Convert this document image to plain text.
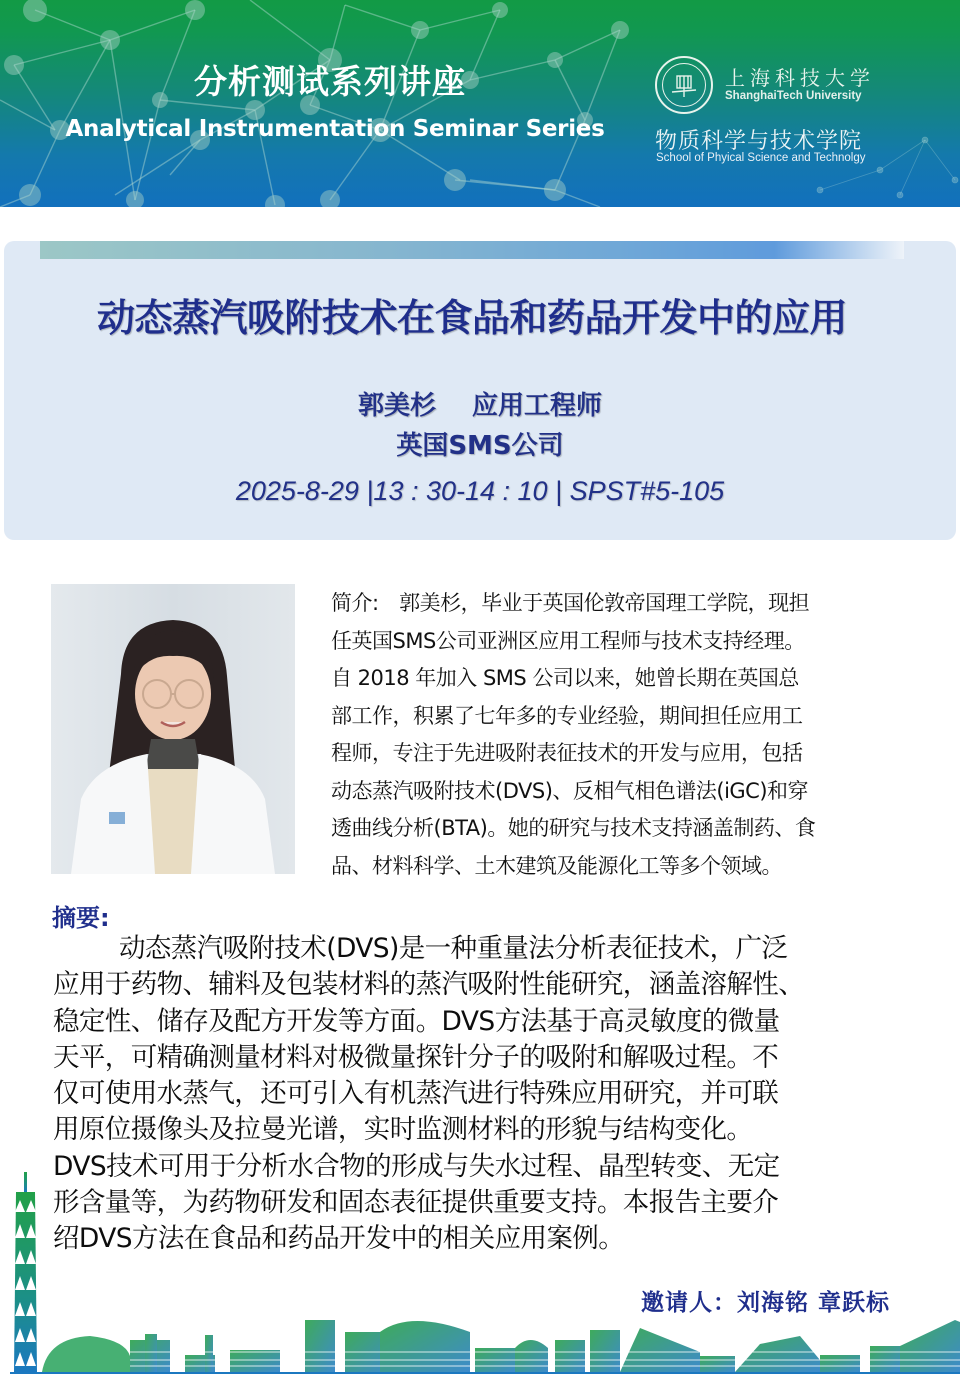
分析测试系列讲座
Analytical Instrumentation Seminar Series
上海科技大学
ShanghaiTech University
物质科学与技术学院
School of Phyical Science and Technolgy
动态蒸汽吸附技术在食品和药品开发中的应用
郭美杉 应用工程师
英国SMS公司
2025-8-29 |13 : 30-14 : 10 | SPST#5-105
简介:　郭美杉，毕业于英国伦敦帝国理工学院，现担
任英国SMS公司亚洲区应用工程师与技术支持经理。
自 2018 年加入 SMS 公司以来，她曾长期在英国总
部工作，积累了七年多的专业经验，期间担任应用工
程师，专注于先进吸附表征技术的开发与应用，包括
动态蒸汽吸附技术(DVS)、反相气相色谱法(iGC)和穿
透曲线分析(BTA)。她的研究与技术支持涵盖制药、食
品、材料科学、土木建筑及能源化工等多个领域。
摘要:
动态蒸汽吸附技术(DVS)是一种重量法分析表征技术，广泛
应用于药物、辅料及包装材料的蒸汽吸附性能研究，涵盖溶解性、
稳定性、储存及配方开发等方面。DVS方法基于高灵敏度的微量
天平，可精确测量材料对极微量探针分子的吸附和解吸过程。不
仅可使用水蒸气，还可引入有机蒸汽进行特殊应用研究，并可联
用原位摄像头及拉曼光谱，实时监测材料的形貌与结构变化。
DVS技术可用于分析水合物的形成与失水过程、晶型转变、无定
形含量等，为药物研发和固态表征提供重要支持。本报告主要介
绍DVS方法在食品和药品开发中的相关应用案例。
邀请人：刘海铭 章跃标
